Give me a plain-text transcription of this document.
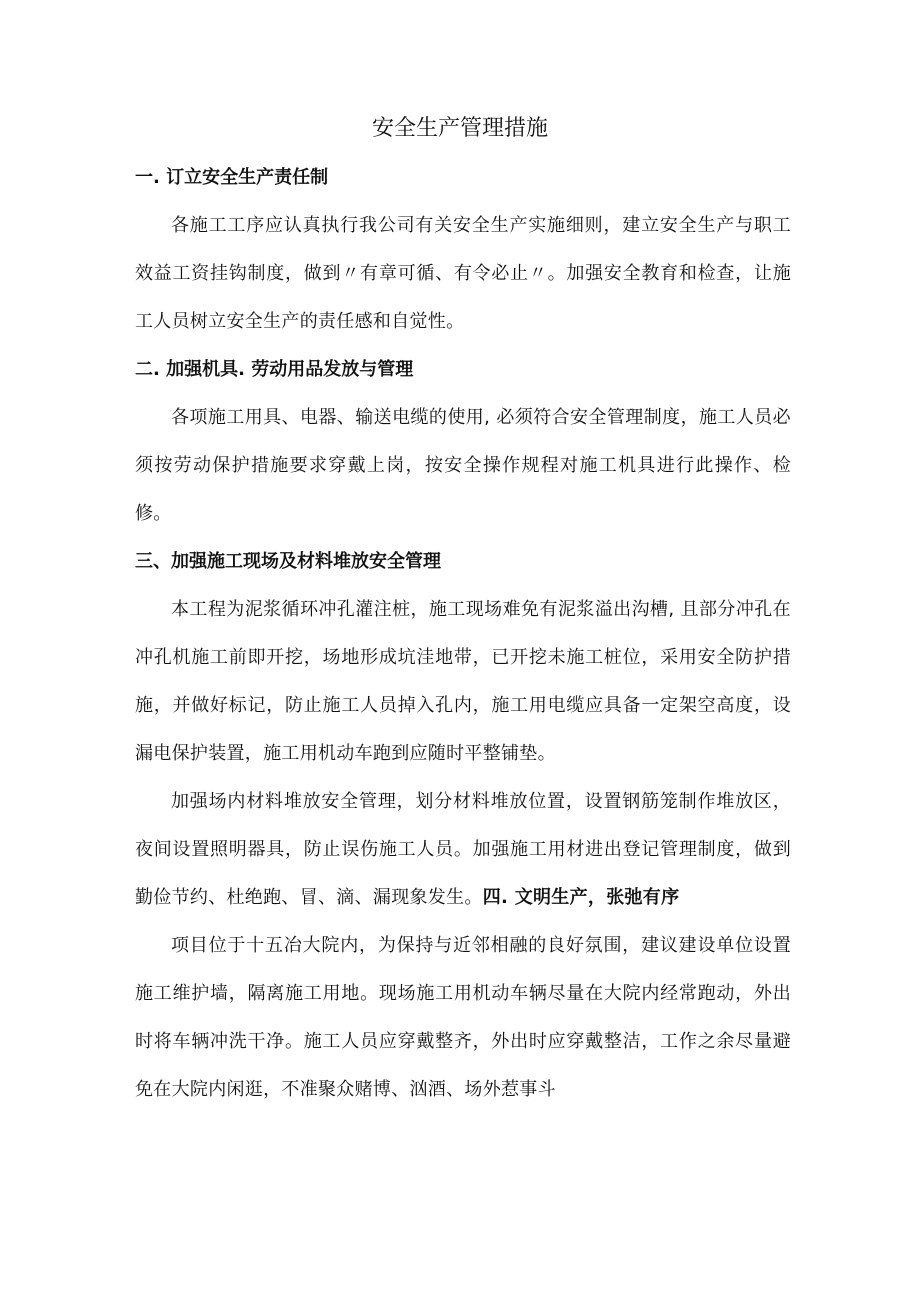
安全生产管理措施
一. 订立安全生产责任制

各施工工序应认真执行我公司有关安全生产实施细则，建立安全生产与职工效益工资挂钩制度，做到〃有章可循、有令必止〃。加强安全教育和检查，让施工人员树立安全生产的责任感和自觉性。

二. 加强机具. 劳动用品发放与管理

各项施工用具、电器、输送电缆的使用, 必须符合安全管理制度，施工人员必须按劳动保护措施要求穿戴上岗，按安全操作规程对施工机具进行此操作、检修。

三、加强施工现场及材料堆放安全管理

本工程为泥浆循环冲孔灌注桩，施工现场难免有泥浆溢出沟槽, 且部分冲孔在冲孔机施工前即开挖，场地形成坑洼地带，已开挖未施工桩位，采用安全防护措施，并做好标记，防止施工人员掉入孔内，施工用电缆应具备一定架空高度，设漏电保护装置，施工用机动车跑到应随时平整铺垫。

加强场内材料堆放安全管理，划分材料堆放位置，设置钢筋笼制作堆放区，夜间设置照明器具，防止误伤施工人员。加强施工用材进出登记管理制度，做到勤俭节约、杜绝跑、冒、滴、漏现象发生。四. 文明生产，张弛有序

项目位于十五冶大院内，为保持与近邻相融的良好氛围，建议建设单位设置施工维护墙，隔离施工用地。现场施工用机动车辆尽量在大院内经常跑动，外出时将车辆冲洗干净。施工人员应穿戴整齐，外出时应穿戴整洁，工作之余尽量避免在大院内闲逛，不准聚众赌博、汹酒、场外惹事斗
